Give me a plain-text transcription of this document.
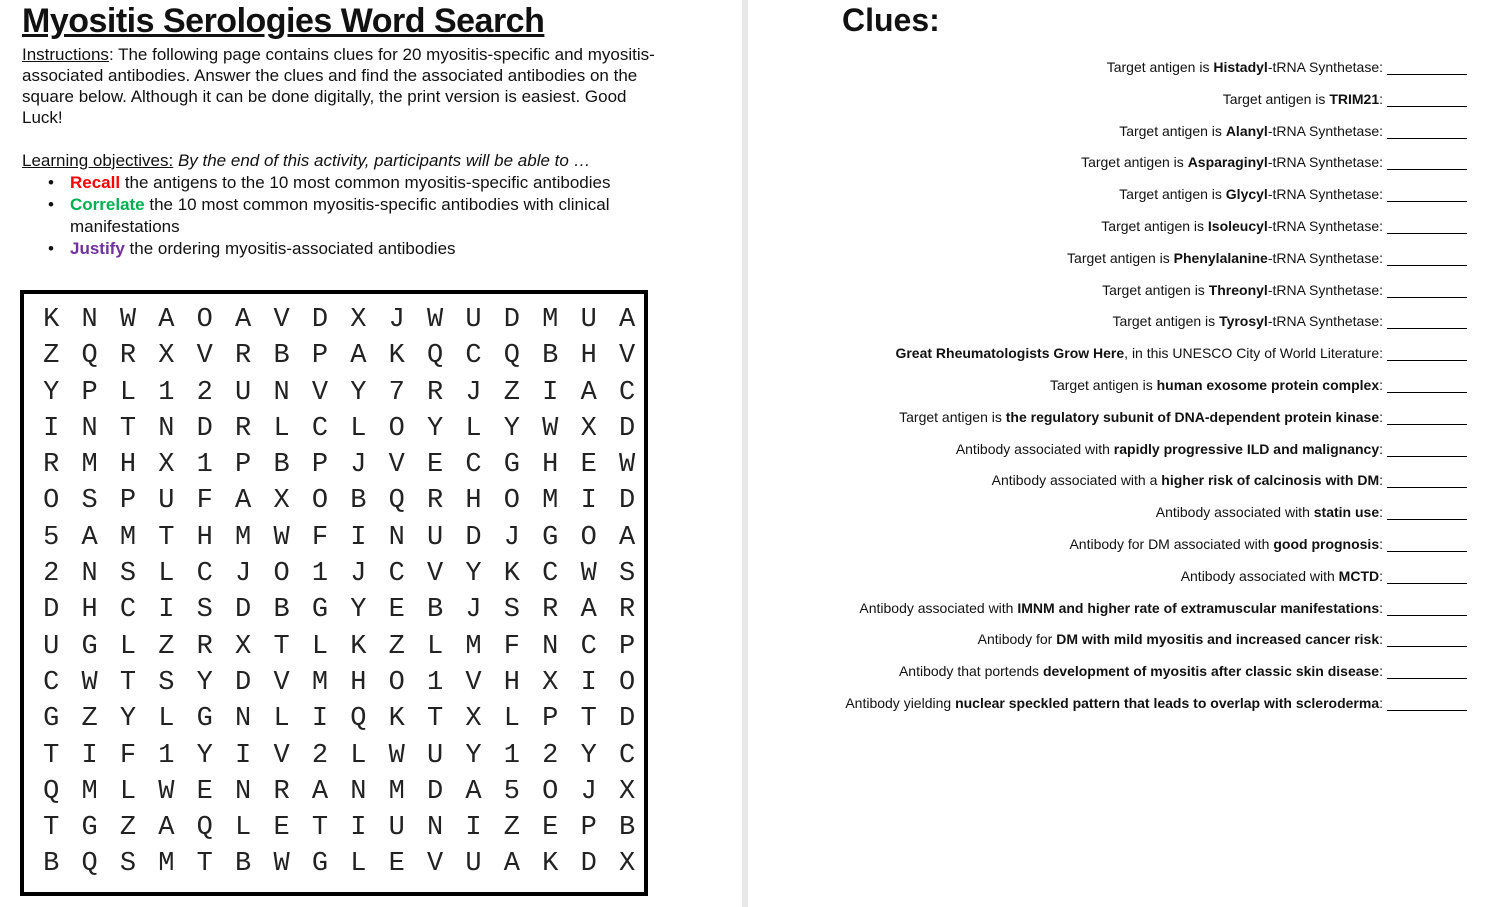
Myositis Serologies Word Search
Instructions: The following page contains clues for 20 myositis-specific and myositis-associated antibodies. Answer the clues and find the associated antibodies on the square below. Although it can be done digitally, the print version is easiest. Good Luck!
Learning objectives: By the end of this activity, participants will be able to …
• Recall the antigens to the 10 most common myositis-specific antibodies
• Correlate the 10 most common myositis-specific antibodies with clinical manifestations
• Justify the ordering myositis-associated antibodies
K N W A O A V D X J W U D M U A
Z Q R X V R B P A K Q C Q B H V
Y P L 1 2 U N V Y 7 R J Z I A C
I N T N D R L C L O Y L Y W X D
R M H X 1 P B P J V E C G H E W
O S P U F A X O B Q R H O M I D
5 A M T H M W F I N U D J G O A
2 N S L C J O 1 J C V Y K C W S
D H C I S D B G Y E B J S R A R
U G L Z R X T L K Z L M F N C P
C W T S Y D V M H O 1 V H X I O
G Z Y L G N L I Q K T X L P T D
T I F 1 Y I V 2 L W U Y 1 2 Y C
Q M L W E N R A N M D A 5 O J X
T G Z A Q L E T I U N I Z E P B
B Q S M T B W G L E V U A K D X
Clues:
Target antigen is Histadyl-tRNA Synthetase:
Target antigen is TRIM21:
Target antigen is Alanyl-tRNA Synthetase:
Target antigen is Asparaginyl-tRNA Synthetase:
Target antigen is Glycyl-tRNA Synthetase:
Target antigen is Isoleucyl-tRNA Synthetase:
Target antigen is Phenylalanine-tRNA Synthetase:
Target antigen is Threonyl-tRNA Synthetase:
Target antigen is Tyrosyl-tRNA Synthetase:
Great Rheumatologists Grow Here, in this UNESCO City of World Literature:
Target antigen is human exosome protein complex:
Target antigen is the regulatory subunit of DNA-dependent protein kinase:
Antibody associated with rapidly progressive ILD and malignancy:
Antibody associated with a higher risk of calcinosis with DM:
Antibody associated with statin use:
Antibody for DM associated with good prognosis:
Antibody associated with MCTD:
Antibody associated with IMNM and higher rate of extramuscular manifestations:
Antibody for DM with mild myositis and increased cancer risk:
Antibody that portends development of myositis after classic skin disease:
Antibody yielding nuclear speckled pattern that leads to overlap with scleroderma:
